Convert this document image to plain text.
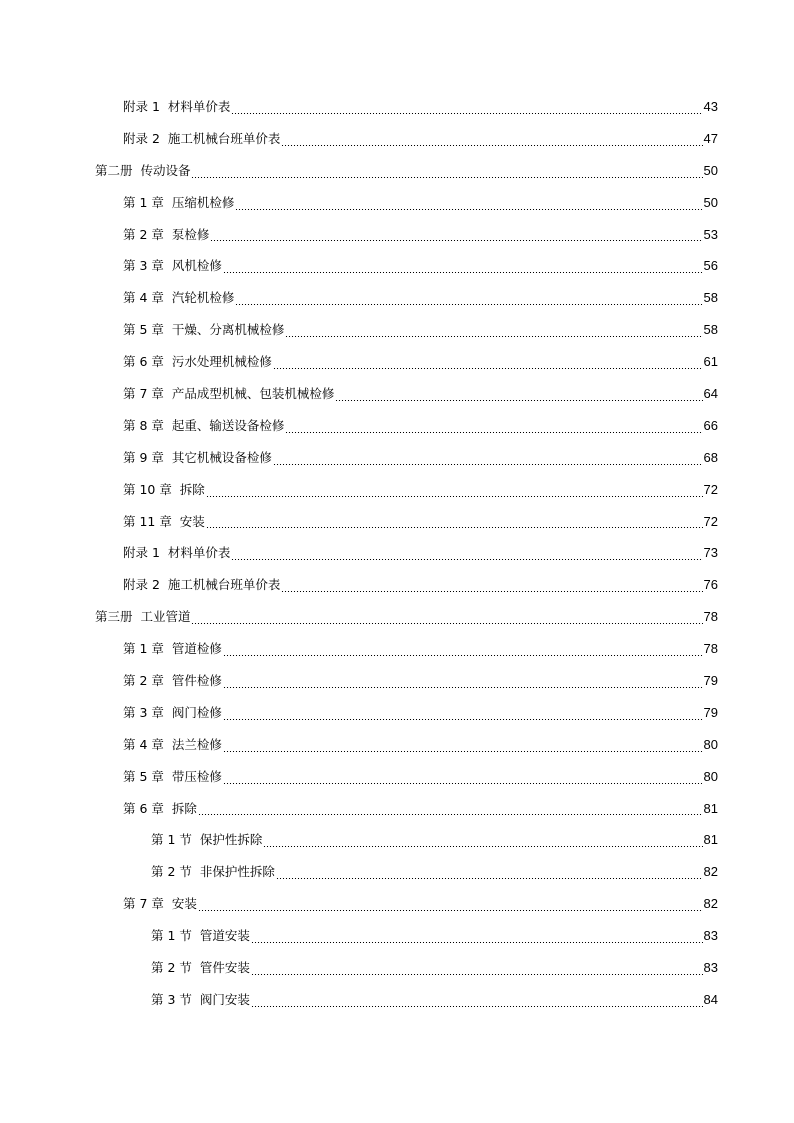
附录 1  材料单价表	43
附录 2  施工机械台班单价表	47
第二册  传动设备	50
第 1 章  压缩机检修	50
第 2 章  泵检修	53
第 3 章  风机检修	56
第 4 章  汽轮机检修	58
第 5 章  干燥、分离机械检修	58
第 6 章  污水处理机械检修	61
第 7 章  产品成型机械、包装机械检修	64
第 8 章  起重、输送设备检修	66
第 9 章  其它机械设备检修	68
第 10 章  拆除	72
第 11 章  安装	72
附录 1  材料单价表	73
附录 2  施工机械台班单价表	76
第三册  工业管道	78
第 1 章  管道检修	78
第 2 章  管件检修	79
第 3 章  阀门检修	79
第 4 章  法兰检修	80
第 5 章  带压检修	80
第 6 章  拆除	81
第 1 节  保护性拆除	81
第 2 节  非保护性拆除	82
第 7 章  安装	82
第 1 节  管道安装	83
第 2 节  管件安装	83
第 3 节  阀门安装	84
